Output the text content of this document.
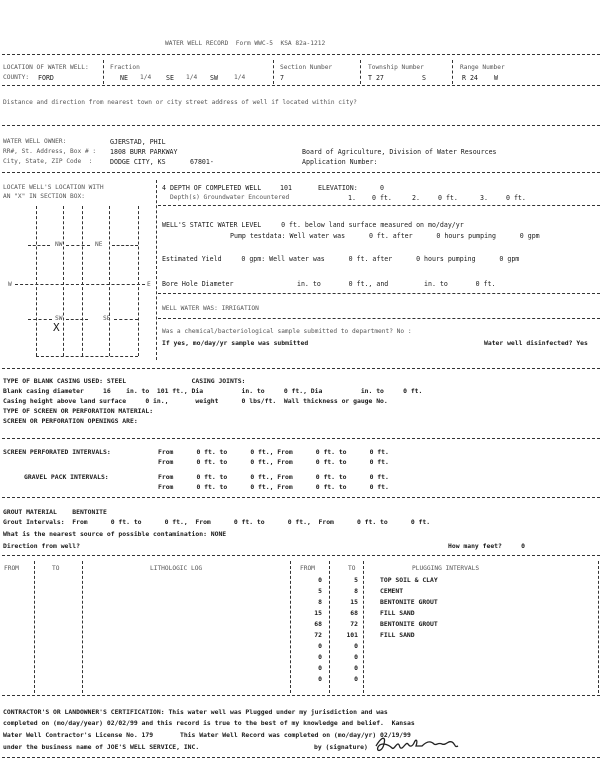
WATER WELL RECORD  Form WWC-5  KSA 82a-1212
LOCATION OF WATER WELL:
COUNTY: FORD
Fraction
NE 1/4 SE 1/4 SW	1/4
Section Number
7
Township Number
T 27	S
Range Number
R 24 W
Distance and direction from nearest town or city street address of well if located within city?
WATER WELL OWNER:	GJERSTAD, PHIL
RR#, St. Address, Box # : 1808 BURR PARKWAY	Board of Agriculture, Division of Water Resources
City, State, ZIP Code  :	DODGE CITY, KS	67801-	Application Number:
LOCATE WELL'S LOCATION WITH
AN "X" IN SECTION BOX:
NW	NE
SW	SE
W	E
X
4 DEPTH OF COMPLETED WELL	101	ELEVATION:	0
Depth(s) Groundwater Encountered	1. 0 ft.	2.	0 ft.	3.	0 ft.
WELL'S STATIC WATER LEVEL     0 ft. below land surface measured on mo/day/yr
Pump testdata: Well water was      0 ft. after      0 hours pumping      0 gpm
Estimated Yield     0 gpm: Well water was      0 ft. after      0 hours pumping      0 gpm
Bore Hole Diameter                in. to       0 ft., and         in. to       0 ft.
WELL WATER WAS: IRRIGATION
Was a chemical/bacteriological sample submitted to department? No :
If yes, mo/day/yr sample was submitted	Water well disinfected? Yes
TYPE OF BLANK CASING USED: STEEL                 CASING JOINTS:
Blank casing diameter     16    in. to  101 ft., Dia          in. to     0 ft., Dia          in. to     0 ft.
Casing height above land surface     0 in.,       weight      0 lbs/ft.  Wall thickness or gauge No.
TYPE OF SCREEN OR PERFORATION MATERIAL:
SCREEN OR PERFORATION OPENINGS ARE:
SCREEN PERFORATED INTERVALS:	From      0 ft. to      0 ft., From      0 ft. to      0 ft.
From      0 ft. to      0 ft., From      0 ft. to      0 ft.
GRAVEL PACK INTERVALS:	From      0 ft. to      0 ft., From      0 ft. to      0 ft.
From      0 ft. to      0 ft., From      0 ft. to      0 ft.
GROUT MATERIAL    BENTONITE
Grout Intervals:  From      0 ft. to      0 ft.,  From      0 ft. to      0 ft.,  From      0 ft. to      0 ft.
What is the nearest source of possible contamination: NONE
Direction from well?	How many feet?     0
FROM	TO	LITHOLOGIC LOG	FROM	TO	PLUGGING INTERVALS
0	5	TOP SOIL & CLAY
5	8	CEMENT
8	15	BENTONITE GROUT
15	68	FILL SAND
68	72	BENTONITE GROUT
72	101	FILL SAND
0	0
0	0
0	0
0	0
CONTRACTOR'S OR LANDOWNER'S CERTIFICATION: This water well was Plugged under my jurisdiction and was
completed on (mo/day/year) 02/02/99 and this record is true to the best of my knowledge and belief.  Kansas
Water Well Contractor's License No. 179       This Water Well Record was completed on (mo/day/yr) 02/19/99
under the business name of JOE'S WELL SERVICE, INC.	by (signature)
